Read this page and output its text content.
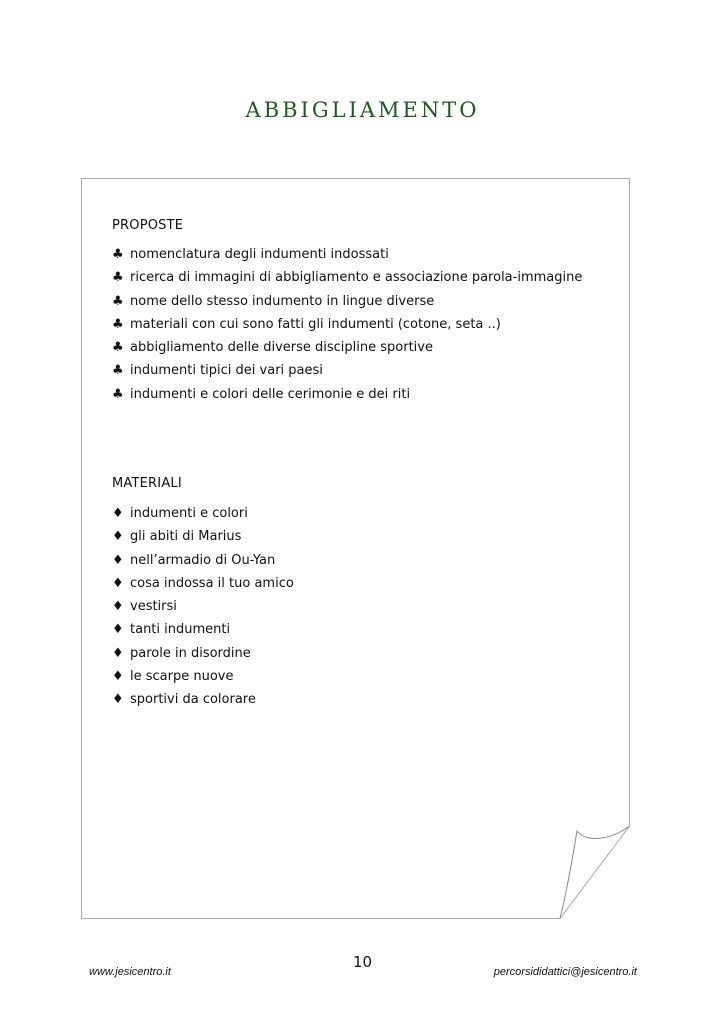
ABBIGLIAMENTO
PROPOSTE
♣ nomenclatura degli indumenti indossati
♣ ricerca di immagini di abbigliamento e associazione parola-immagine
♣ nome dello stesso indumento in lingue diverse
♣ materiali con cui sono fatti gli indumenti (cotone, seta ..)
♣ abbigliamento delle diverse discipline sportive
♣ indumenti tipici dei vari paesi
♣ indumenti e colori delle cerimonie e dei riti
MATERIALI
♦ indumenti e colori
♦ gli abiti di Marius
♦ nell’armadio di Ou-Yan
♦ cosa indossa il tuo amico
♦ vestirsi
♦ tanti indumenti
♦ parole in disordine
♦ le scarpe nuove
♦ sportivi da colorare
10
www.jesicentro.it	percorsididattici@jesicentro.it
